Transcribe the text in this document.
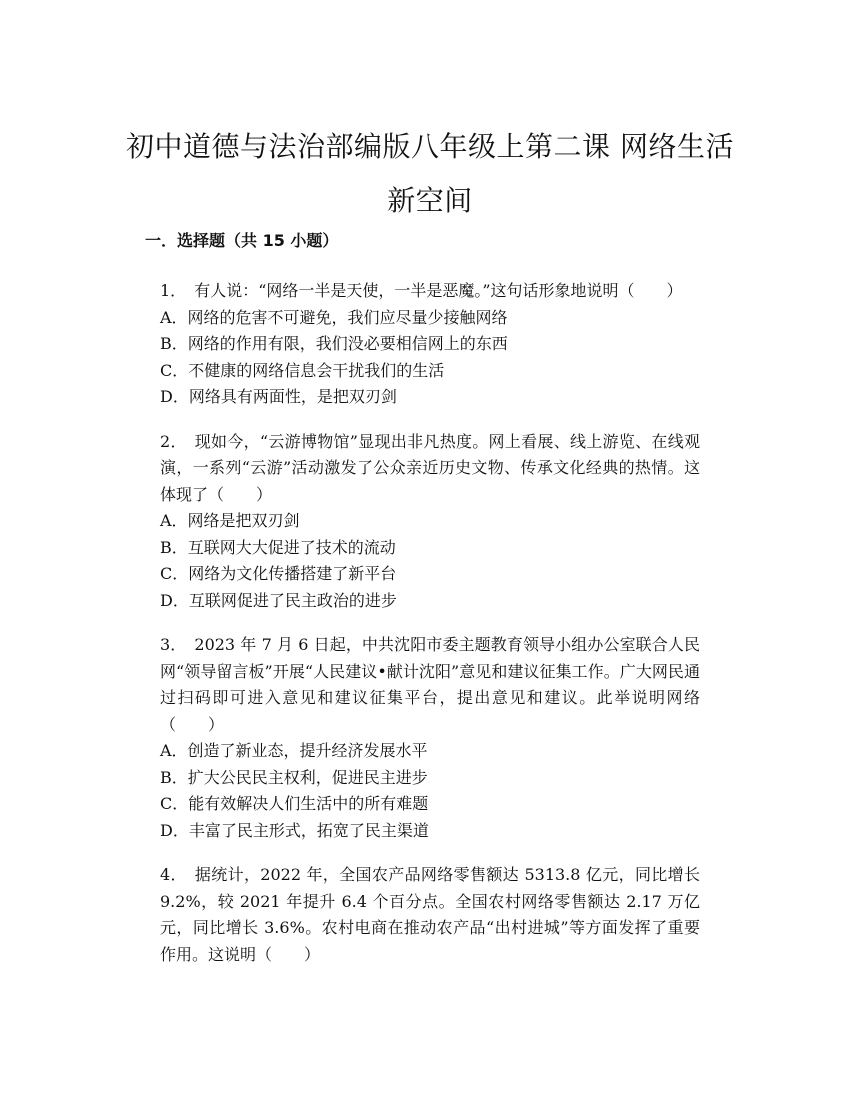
初中道德与法治部编版八年级上第二课 网络生活新空间
一．选择题（共 15 小题）

1． 有人说：“网络一半是天使，一半是恶魔。”这句话形象地说明（　　）

A．网络的危害不可避免，我们应尽量少接触网络
B．网络的作用有限，我们没必要相信网上的东西
C．不健康的网络信息会干扰我们的生活
D．网络具有两面性，是把双刃剑

2． 现如今，“云游博物馆”显现出非凡热度。网上看展、线上游览、在线观演，一系列“云游”活动激发了公众亲近历史文物、传承文化经典的热情。这体现了（　　）

A．网络是把双刃剑
B．互联网大大促进了技术的流动
C．网络为文化传播搭建了新平台
D．互联网促进了民主政治的进步

3． 2023 年 7 月 6 日起，中共沈阳市委主题教育领导小组办公室联合人民网“领导留言板”开展“人民建议•献计沈阳”意见和建议征集工作。广大网民通过扫码即可进入意见和建议征集平台，提出意见和建议。此举说明网络（　　）

A．创造了新业态，提升经济发展水平
B．扩大公民民主权利，促进民主进步
C．能有效解决人们生活中的所有难题
D．丰富了民主形式，拓宽了民主渠道

4． 据统计，2022 年，全国农产品网络零售额达 5313.8 亿元，同比增长 9.2%，较 2021 年提升 6.4 个百分点。全国农村网络零售额达 2.17 万亿元，同比增长 3.6%。农村电商在推动农产品“出村进城”等方面发挥了重要作用。这说明（　　）
